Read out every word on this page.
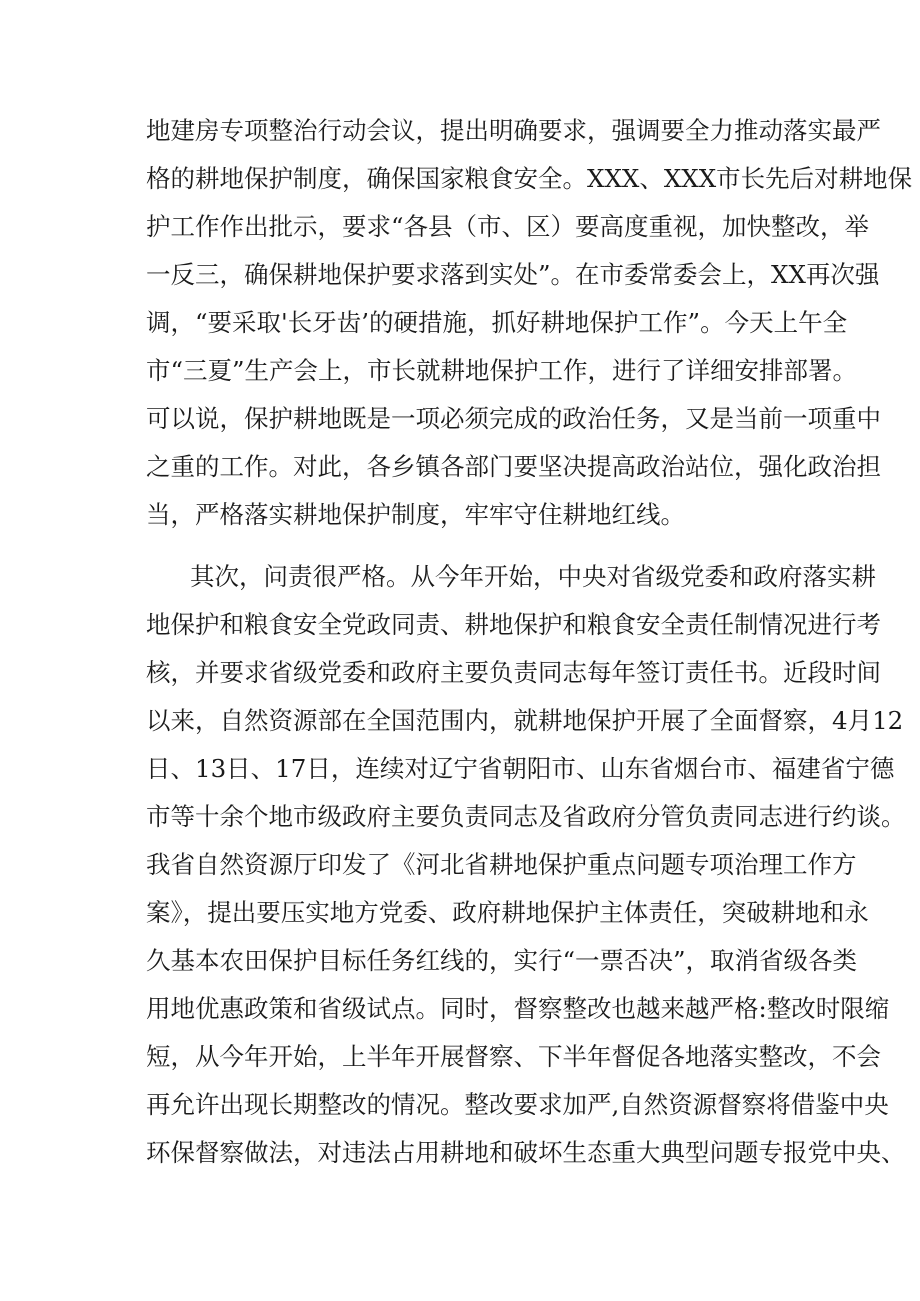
地建房专项整治行动会议，提出明确要求，强调要全力推动落实最严
格的耕地保护制度，确保国家粮食安全。XXX、XXX市长先后对耕地保
护工作作出批示，要求“各县（市、区）要高度重视，加快整改，举
一反三，确保耕地保护要求落到实处”。在市委常委会上，XX再次强
调，“要采取'长牙齿’的硬措施，抓好耕地保护工作”。今天上午全
市“三夏”生产会上，市长就耕地保护工作，进行了详细安排部署。
可以说，保护耕地既是一项必须完成的政治任务，又是当前一项重中
之重的工作。对此，各乡镇各部门要坚决提高政治站位，强化政治担
当，严格落实耕地保护制度，牢牢守住耕地红线。
其次，问责很严格。从今年开始，中央对省级党委和政府落实耕
地保护和粮食安全党政同责、耕地保护和粮食安全责任制情况进行考
核，并要求省级党委和政府主要负责同志每年签订责任书。近段时间
以来，自然资源部在全国范围内，就耕地保护开展了全面督察，4月12
日、13日、17日，连续对辽宁省朝阳市、山东省烟台市、福建省宁德
市等十余个地市级政府主要负责同志及省政府分管负责同志进行约谈。
我省自然资源厅印发了《河北省耕地保护重点问题专项治理工作方
案》，提出要压实地方党委、政府耕地保护主体责任，突破耕地和永
久基本农田保护目标任务红线的，实行“一票否决”，取消省级各类
用地优惠政策和省级试点。同时，督察整改也越来越严格:整改时限缩
短，从今年开始，上半年开展督察、下半年督促各地落实整改，不会
再允许出现长期整改的情况。整改要求加严,自然资源督察将借鉴中央
环保督察做法，对违法占用耕地和破坏生态重大典型问题专报党中央、
